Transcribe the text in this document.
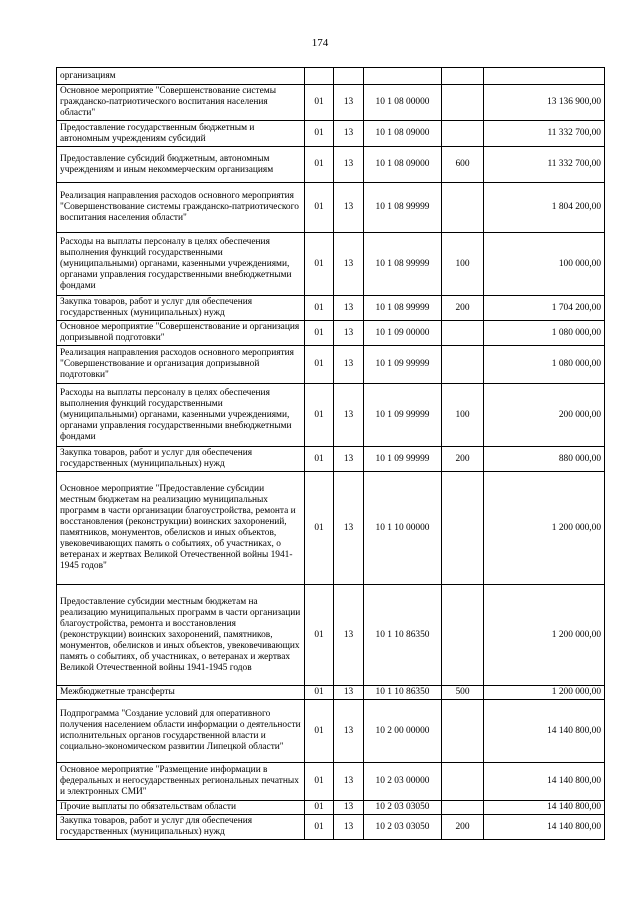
174
организациям					
Основное мероприятие "Совершенствование системы гражданско-патриотического воспитания населения области"	01	13	10 1 08 00000		13 136 900,00
Предоставление государственным бюджетным и автономным учреждениям субсидий	01	13	10 1 08 09000		11 332 700,00
Предоставление субсидий бюджетным, автономным учреждениям и иным некоммерческим организациям	01	13	10 1 08 09000	600	11 332 700,00
Реализация направления расходов основного мероприятия "Совершенствование системы гражданско-патриотического воспитания населения области"	01	13	10 1 08 99999		1 804 200,00
Расходы на выплаты персоналу в целях обеспечения выполнения функций государственными (муниципальными) органами, казенными учреждениями, органами управления государственными внебюджетными фондами	01	13	10 1 08 99999	100	100 000,00
Закупка товаров, работ и услуг для обеспечения государственных (муниципальных) нужд	01	13	10 1 08 99999	200	1 704 200,00
Основное мероприятие "Совершенствование и организация допризывной подготовки"	01	13	10 1 09 00000		1 080 000,00
Реализация направления расходов основного мероприятия "Совершенствование и организация допризывной подготовки"	01	13	10 1 09 99999		1 080 000,00
Расходы на выплаты персоналу в целях обеспечения выполнения функций государственными (муниципальными) органами, казенными учреждениями, органами управления государственными внебюджетными фондами	01	13	10 1 09 99999	100	200 000,00
Закупка товаров, работ и услуг для обеспечения государственных (муниципальных) нужд	01	13	10 1 09 99999	200	880 000,00
Основное мероприятие "Предоставление субсидии местным бюджетам на реализацию муниципальных программ в части организации благоустройства, ремонта и восстановления (реконструкции) воинских захоронений, памятников, монументов, обелисков и иных объектов, увековечивающих память о событиях, об участниках, о ветеранах и жертвах Великой Отечественной войны 1941-1945 годов"	01	13	10 1 10 00000		1 200 000,00
Предоставление субсидии местным бюджетам на реализацию муниципальных программ в части организации благоустройства, ремонта и восстановления (реконструкции) воинских захоронений, памятников, монументов, обелисков и иных объектов, увековечивающих память о событиях, об участниках, о ветеранах и жертвах Великой Отечественной войны 1941-1945 годов	01	13	10 1 10 86350		1 200 000,00
Межбюджетные трансферты	01	13	10 1 10 86350	500	1 200 000,00
Подпрограмма "Создание условий для оперативного получения населением области информации о деятельности исполнительных органов государственной власти и социально-экономическом развитии Липецкой области"	01	13	10 2 00 00000		14 140 800,00
Основное мероприятие "Размещение информации в федеральных и негосударственных региональных печатных и электронных СМИ"	01	13	10 2 03 00000		14 140 800,00
Прочие выплаты по обязательствам области	01	13	10 2 03 03050		14 140 800,00
Закупка товаров, работ и услуг для обеспечения государственных (муниципальных) нужд	01	13	10 2 03 03050	200	14 140 800,00
